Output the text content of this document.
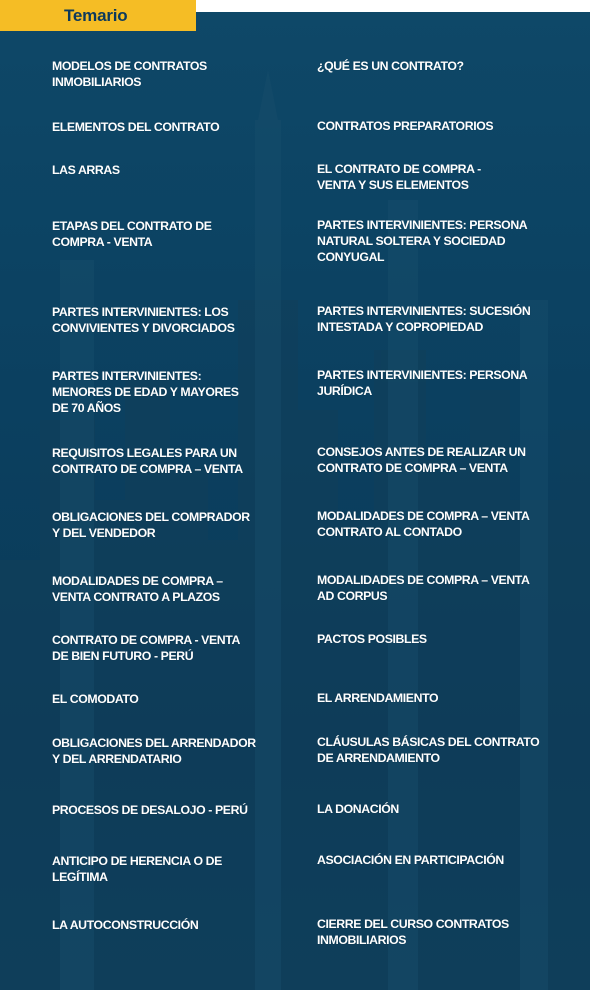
Temario
MODELOS DE CONTRATOS
INMOBILIARIOS
ELEMENTOS DEL CONTRATO
LAS ARRAS
ETAPAS DEL CONTRATO DE
COMPRA - VENTA
PARTES INTERVINIENTES: LOS
CONVIVIENTES Y DIVORCIADOS
PARTES INTERVINIENTES:
MENORES DE EDAD Y MAYORES
DE 70 AÑOS
REQUISITOS LEGALES PARA UN
CONTRATO DE COMPRA – VENTA
OBLIGACIONES DEL COMPRADOR
Y DEL VENDEDOR
MODALIDADES DE COMPRA –
VENTA CONTRATO A PLAZOS
CONTRATO DE COMPRA - VENTA
DE BIEN FUTURO - PERÚ
EL COMODATO
OBLIGACIONES DEL ARRENDADOR
Y DEL ARRENDATARIO
PROCESOS DE DESALOJO - PERÚ
ANTICIPO DE HERENCIA O DE
LEGÍTIMA
LA AUTOCONSTRUCCIÓN
¿QUÉ ES UN CONTRATO?
CONTRATOS PREPARATORIOS
EL CONTRATO DE COMPRA -
VENTA Y SUS ELEMENTOS
PARTES INTERVINIENTES: PERSONA
NATURAL SOLTERA Y SOCIEDAD
CONYUGAL
PARTES INTERVINIENTES: SUCESIÓN
INTESTADA Y COPROPIEDAD
PARTES INTERVINIENTES: PERSONA
JURÍDICA
CONSEJOS ANTES DE REALIZAR UN
CONTRATO DE COMPRA – VENTA
MODALIDADES DE COMPRA – VENTA
CONTRATO AL CONTADO
MODALIDADES DE COMPRA – VENTA
AD CORPUS
PACTOS POSIBLES
EL ARRENDAMIENTO
CLÁUSULAS BÁSICAS DEL CONTRATO
DE ARRENDAMIENTO
LA DONACIÓN
ASOCIACIÓN EN PARTICIPACIÓN
CIERRE DEL CURSO CONTRATOS
INMOBILIARIOS
